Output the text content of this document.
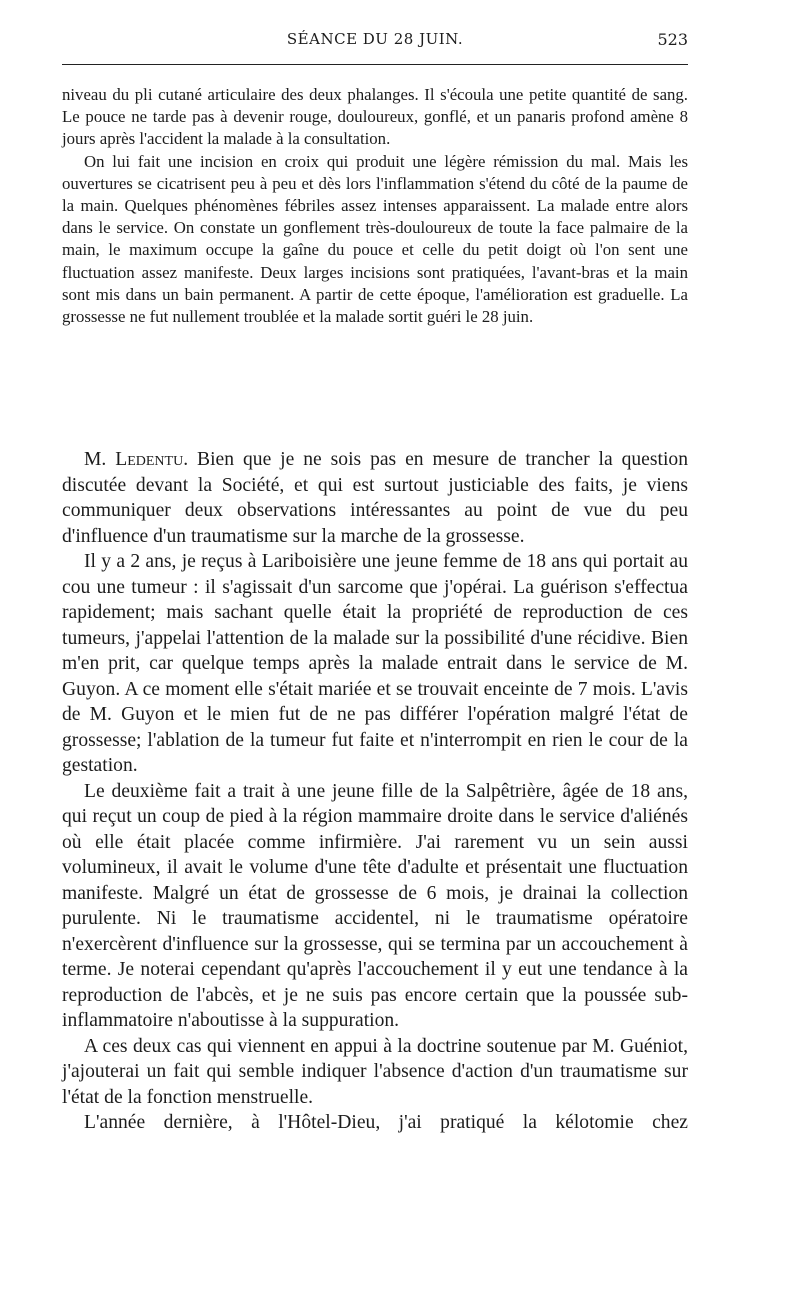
SÉANCE DU 28 JUIN.	523

niveau du pli cutané articulaire des deux phalanges. Il s'écoula une petite quantité de sang. Le pouce ne tarde pas à devenir rouge, douloureux, gonflé, et un panaris profond amène 8 jours après l'accident la malade à la consultation.

On lui fait une incision en croix qui produit une légère rémission du mal. Mais les ouvertures se cicatrisent peu à peu et dès lors l'inflammation s'étend du côté de la paume de la main. Quelques phénomènes fébriles assez intenses apparaissent. La malade entre alors dans le service. On constate un gonflement très-douloureux de toute la face palmaire de la main, le maximum occupe la gaîne du pouce et celle du petit doigt où l'on sent une fluctuation assez manifeste. Deux larges incisions sont pratiquées, l'avant-bras et la main sont mis dans un bain permanent. A partir de cette époque, l'amélioration est graduelle. La grossesse ne fut nullement troublée et la malade sortit guéri le 28 juin.

M. Ledentu. Bien que je ne sois pas en mesure de trancher la question discutée devant la Société, et qui est surtout justiciable des faits, je viens communiquer deux observations intéressantes au point de vue du peu d'influence d'un traumatisme sur la marche de la grossesse.

Il y a 2 ans, je reçus à Lariboisière une jeune femme de 18 ans qui portait au cou une tumeur : il s'agissait d'un sarcome que j'opérai. La guérison s'effectua rapidement; mais sachant quelle était la propriété de reproduction de ces tumeurs, j'appelai l'attention de la malade sur la possibilité d'une récidive. Bien m'en prit, car quelque temps après la malade entrait dans le service de M. Guyon. A ce moment elle s'était mariée et se trouvait enceinte de 7 mois. L'avis de M. Guyon et le mien fut de ne pas différer l'opération malgré l'état de grossesse; l'ablation de la tumeur fut faite et n'interrompit en rien le cour de la gestation.

Le deuxième fait a trait à une jeune fille de la Salpêtrière, âgée de 18 ans, qui reçut un coup de pied à la région mammaire droite dans le service d'aliénés où elle était placée comme infirmière. J'ai rarement vu un sein aussi volumineux, il avait le volume d'une tête d'adulte et présentait une fluctuation manifeste. Malgré un état de grossesse de 6 mois, je drainai la collection purulente. Ni le traumatisme accidentel, ni le traumatisme opératoire n'exercèrent d'influence sur la grossesse, qui se termina par un accouchement à terme. Je noterai cependant qu'après l'accouchement il y eut une tendance à la reproduction de l'abcès, et je ne suis pas encore certain que la poussée sub-inflammatoire n'aboutisse à la suppuration.

A ces deux cas qui viennent en appui à la doctrine soutenue par M. Guéniot, j'ajouterai un fait qui semble indiquer l'absence d'action d'un traumatisme sur l'état de la fonction menstruelle.

L'année dernière, à l'Hôtel-Dieu, j'ai pratiqué la kélotomie chez
